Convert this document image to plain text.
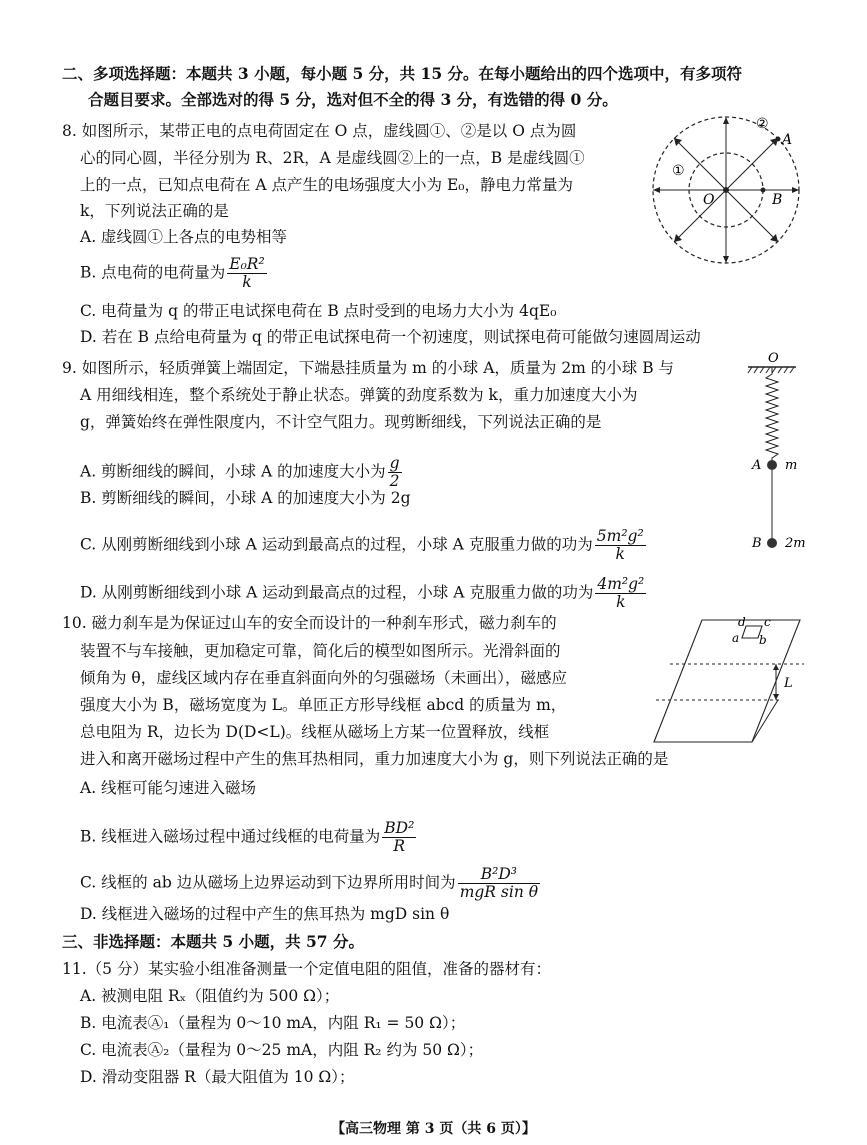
二、多项选择题：本题共 3 小题，每小题 5 分，共 15 分。在每小题给出的四个选项中，有多项符
合题目要求。全部选对的得 5 分，选对但不全的得 3 分，有选错的得 0 分。
8. 如图所示，某带正电的点电荷固定在 O 点，虚线圆①、②是以 O 点为圆
心的同心圆，半径分别为 R、2R，A 是虚线圆②上的一点，B 是虚线圆①
上的一点，已知点电荷在 A 点产生的电场强度大小为 E₀，静电力常量为
k，下列说法正确的是
A. 虚线圆①上各点的电势相等
B. 点电荷的电荷量为 $\frac{\text{E₀R²}}{k}$
C. 电荷量为 q 的带正电试探电荷在 B 点时受到的电场力大小为 4qE₀
D. 若在 B 点给电荷量为 q 的带正电试探电荷一个初速度，则试探电荷可能做匀速圆周运动
①
②
O
A
B
9. 如图所示，轻质弹簧上端固定，下端悬挂质量为 m 的小球 A，质量为 2m 的小球 B 与
A 用细线相连，整个系统处于静止状态。弹簧的劲度系数为 k，重力加速度大小为
g，弹簧始终在弹性限度内，不计空气阻力。现剪断细线，下列说法正确的是
A. 剪断细线的瞬间，小球 A 的加速度大小为 $\frac{g}{2}$
B. 剪断细线的瞬间，小球 A 的加速度大小为 2g
C. 从刚剪断细线到小球 A 运动到最高点的过程，小球 A 克服重力做的功为 $\frac{\text{5m²g²}}{k}$
D. 从刚剪断细线到小球 A 运动到最高点的过程，小球 A 克服重力做的功为 $\frac{\text{4m²g²}}{k}$
O
A m
B 2m
10. 磁力刹车是为保证过山车的安全而设计的一种刹车形式，磁力刹车的
装置不与车接触，更加稳定可靠，简化后的模型如图所示。光滑斜面的
倾角为 θ，虚线区域内存在垂直斜面向外的匀强磁场（未画出），磁感应
强度大小为 B，磁场宽度为 L。单匝正方形导线框 abcd 的质量为 m，
总电阻为 R，边长为 D(D<L)。线框从磁场上方某一位置释放，线框
进入和离开磁场过程中产生的焦耳热相同，重力加速度大小为 g，则下列说法正确的是
A. 线框可能匀速进入磁场
B. 线框进入磁场过程中通过线框的电荷量为 $\frac{\text{BD²}}{R}$
C. 线框的 ab 边从磁场上边界运动到下边界所用时间为 $\frac{\text{B²D³}}{\text{mgR sin θ}}$
D. 线框进入磁场的过程中产生的焦耳热为 mgD sin θ
d c
a b
L
三、非选择题：本题共 5 小题，共 57 分。
11.（5 分）某实验小组准备测量一个定值电阻的阻值，准备的器材有：
A. 被测电阻 Rₓ（阻值约为 500 Ω）；
B. 电流表Ⓐ₁（量程为 0～10 mA，内阻 R₁ = 50 Ω）；
C. 电流表Ⓐ₂（量程为 0～25 mA，内阻 R₂ 约为 50 Ω）；
D. 滑动变阻器 R（最大阻值为 10 Ω）；
【高三物理 第 3 页（共 6 页）】
